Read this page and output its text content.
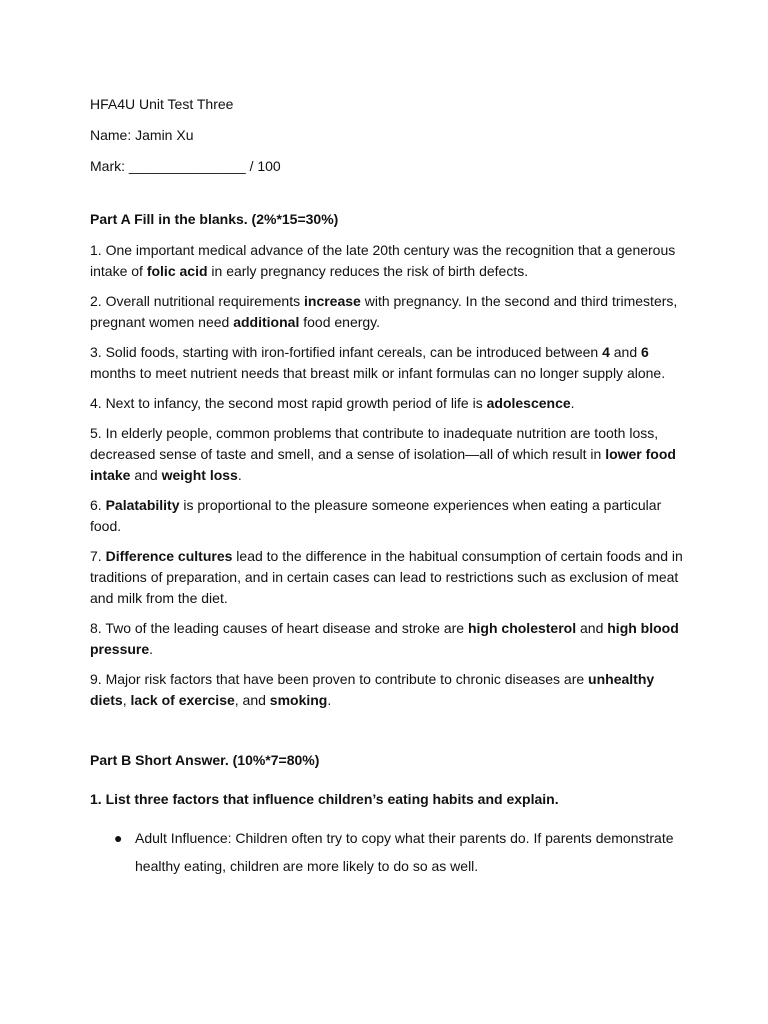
HFA4U Unit Test Three
Name: Jamin Xu
Mark: _______________ / 100
Part A Fill in the blanks. (2%*15=30%)
1. One important medical advance of the late 20th century was the recognition that a generous intake of folic acid in early pregnancy reduces the risk of birth defects.
2. Overall nutritional requirements increase with pregnancy. In the second and third trimesters, pregnant women need additional food energy.
3. Solid foods, starting with iron-fortified infant cereals, can be introduced between 4 and 6 months to meet nutrient needs that breast milk or infant formulas can no longer supply alone.
4. Next to infancy, the second most rapid growth period of life is adolescence.
5. In elderly people, common problems that contribute to inadequate nutrition are tooth loss, decreased sense of taste and smell, and a sense of isolation—all of which result in lower food intake and weight loss.
6. Palatability is proportional to the pleasure someone experiences when eating a particular food.
7. Difference cultures lead to the difference in the habitual consumption of certain foods and in traditions of preparation, and in certain cases can lead to restrictions such as exclusion of meat and milk from the diet.
8. Two of the leading causes of heart disease and stroke are high cholesterol and high blood pressure.
9. Major risk factors that have been proven to contribute to chronic diseases are unhealthy diets, lack of exercise, and smoking.
Part B Short Answer. (10%*7=80%)
1. List three factors that influence children’s eating habits and explain.
● Adult Influence: Children often try to copy what their parents do. If parents demonstrate healthy eating, children are more likely to do so as well.
